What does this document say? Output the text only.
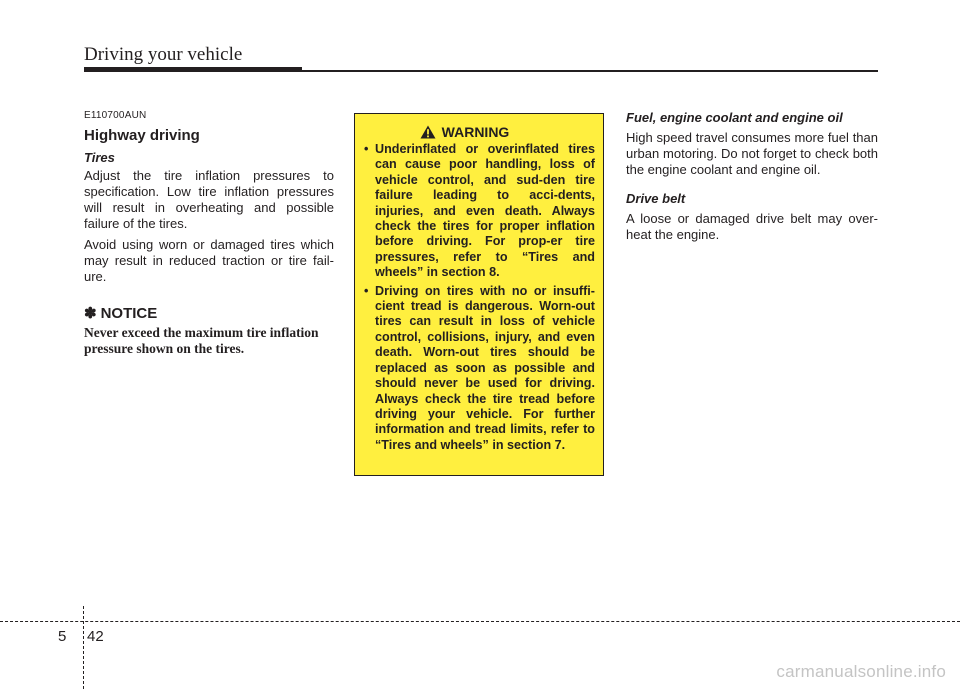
Driving your vehicle
E110700AUN
Highway driving
Tires

Adjust the tire inflation pressures to specification. Low tire inflation pressures will result in overheating and possible failure of the tires.

Avoid using worn or damaged tires which may result in reduced traction or tire fail-ure.

✽ NOTICE

Never exceed the maximum tire inflation pressure shown on the tires.

WARNING
• Underinflated or overinflated tires can cause poor handling, loss of vehicle control, and sud-den tire failure leading to acci-dents, injuries, and even death. Always check the tires for proper inflation before driving. For prop-er tire pressures, refer to “Tires and wheels” in section 8.
• Driving on tires with no or insuffi-cient tread is dangerous. Worn-out tires can result in loss of vehicle control, collisions, injury, and even death. Worn-out tires should be replaced as soon as possible and should never be used for driving. Always check the tire tread before driving your vehicle. For further information and tread limits, refer to “Tires and wheels” in section 7.
Fuel, engine coolant and engine oil

High speed travel consumes more fuel than urban motoring. Do not forget to check both the engine coolant and engine oil.

Drive belt

A loose or damaged drive belt may over-heat the engine.

5 42
carmanualsonline.info
